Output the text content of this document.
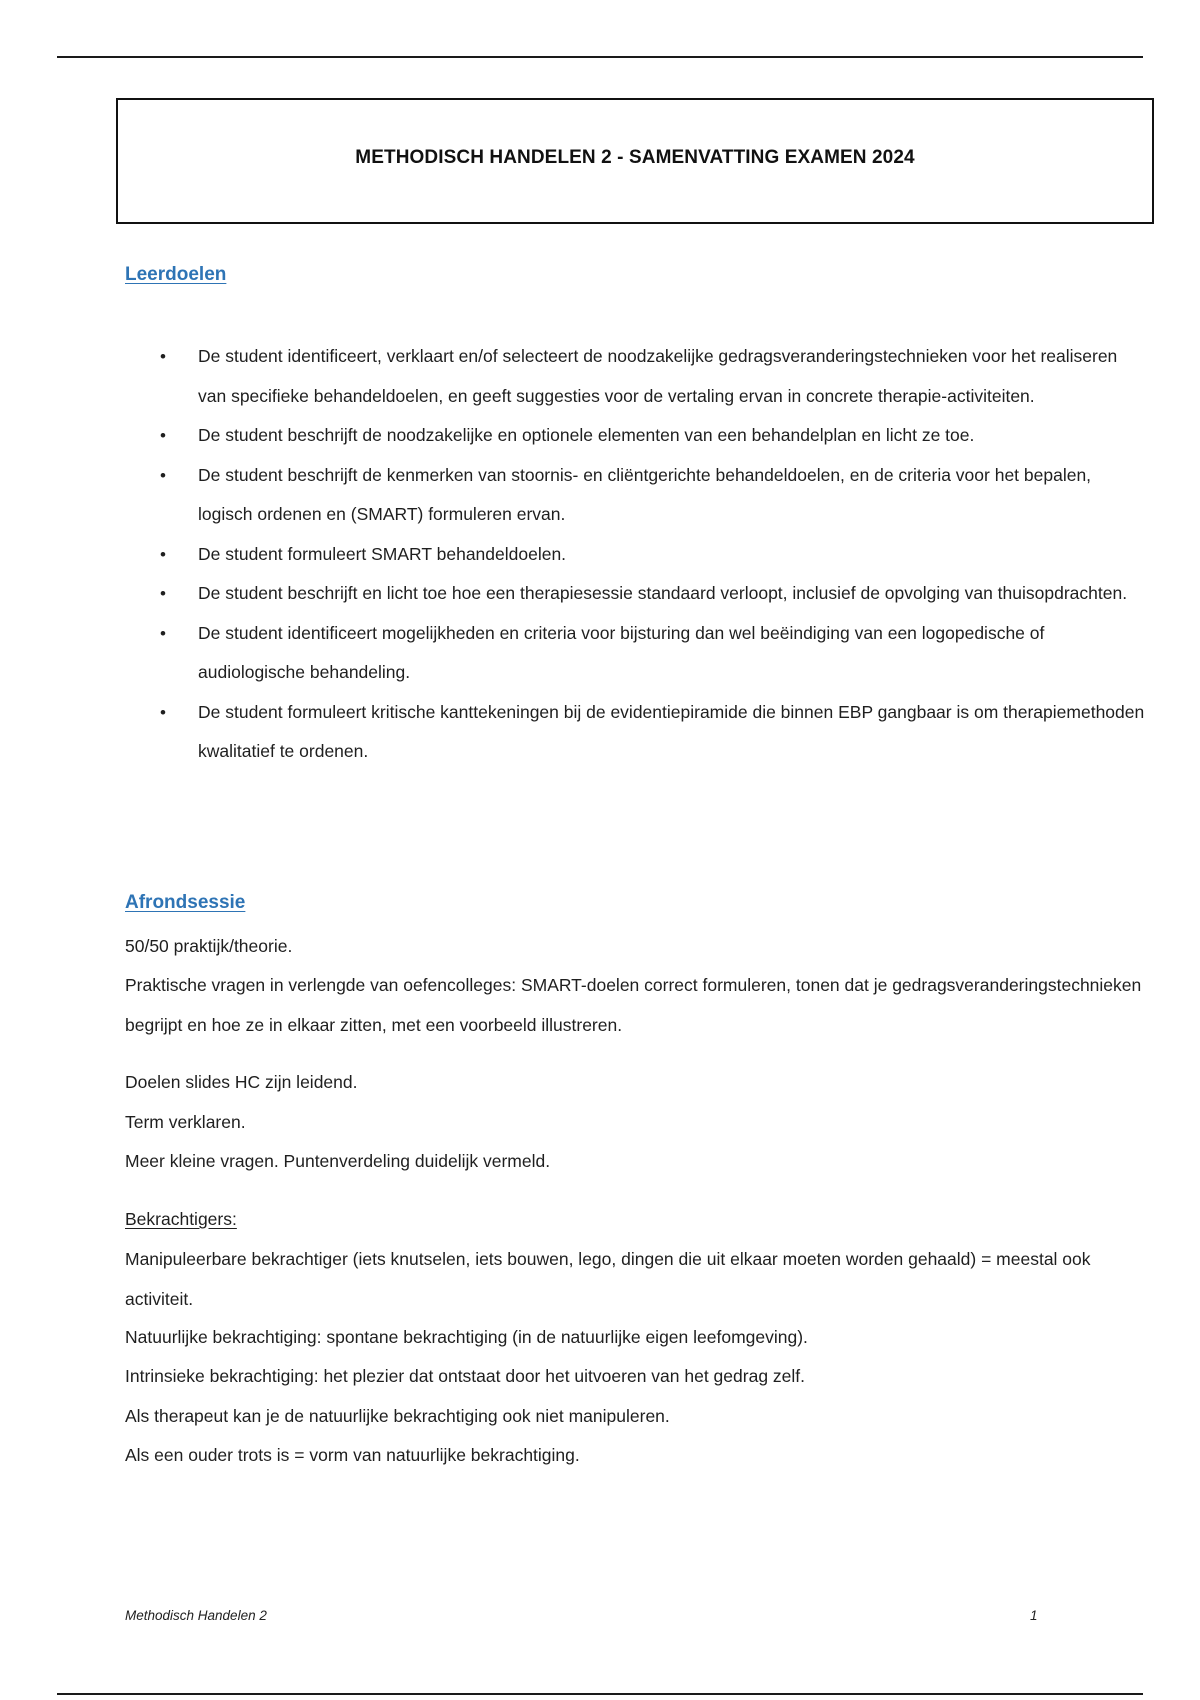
METHODISCH HANDELEN 2 - SAMENVATTING EXAMEN 2024
Leerdoelen
• De student identificeert, verklaart en/of selecteert de noodzakelijke gedragsveranderingstechnieken voor het realiseren van specifieke behandeldoelen, en geeft suggesties voor de vertaling ervan in concrete therapie-activiteiten.
• De student beschrijft de noodzakelijke en optionele elementen van een behandelplan en licht ze toe.
• De student beschrijft de kenmerken van stoornis- en cliëntgerichte behandeldoelen, en de criteria voor het bepalen, logisch ordenen en (SMART) formuleren ervan.
• De student formuleert SMART behandeldoelen.
• De student beschrijft en licht toe hoe een therapiesessie standaard verloopt, inclusief de opvolging van thuisopdrachten.
• De student identificeert mogelijkheden en criteria voor bijsturing dan wel beëindiging van een logopedische of audiologische behandeling.
• De student formuleert kritische kanttekeningen bij de evidentiepiramide die binnen EBP gangbaar is om therapiemethoden kwalitatief te ordenen.
Afrondsessie

50/50 praktijk/theorie.

Praktische vragen in verlengde van oefencolleges: SMART-doelen correct formuleren, tonen dat je gedragsveranderingstechnieken begrijpt en hoe ze in elkaar zitten, met een voorbeeld illustreren.

Doelen slides HC zijn leidend.

Term verklaren.

Meer kleine vragen. Puntenverdeling duidelijk vermeld.

Bekrachtigers:

Manipuleerbare bekrachtiger (iets knutselen, iets bouwen, lego, dingen die uit elkaar moeten worden gehaald) = meestal ook activiteit.

Natuurlijke bekrachtiging: spontane bekrachtiging (in de natuurlijke eigen leefomgeving).

Intrinsieke bekrachtiging: het plezier dat ontstaat door het uitvoeren van het gedrag zelf.

Als therapeut kan je de natuurlijke bekrachtiging ook niet manipuleren.

Als een ouder trots is = vorm van natuurlijke bekrachtiging.

Methodisch Handelen 2	1
